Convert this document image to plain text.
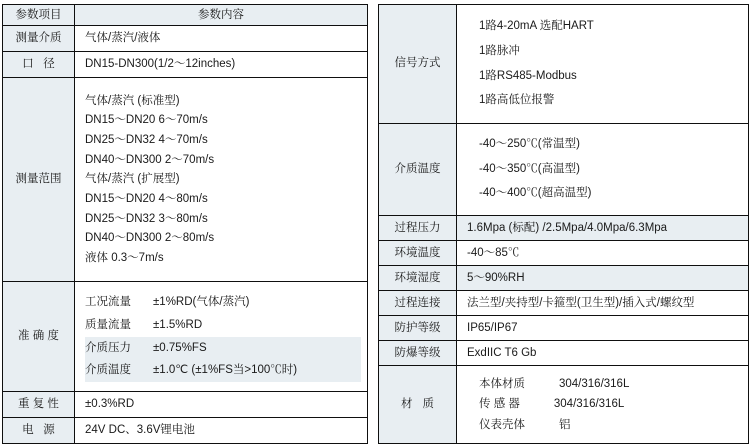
参数项目	参数内容
测量介质	气体/蒸汽/液体
口 径	DN15-DN300(1/2～12inches)
测量范围	
气体/蒸汽 (标准型)
DN15～DN20 6～70m/s
DN25～DN32 4～70m/s
DN40～DN300 2～70m/s
气体/蒸汽 (扩展型)
DN15～DN20 4～80m/s
DN25～DN32 3～80m/s
DN40～DN300 2～80m/s
液体 0.3～7m/s

准 确 度	工况流量 ±1%RD(气体/蒸汽)
质量流量 ±1.5%RD
介质压力 ±0.75%FS
介质温度 ±1.0℃ (±1%FS当>100℃时)

重 复 性	±0.3%RD
电 源	24V DC、3.6V锂电池
信号方式	1路4-20mA 选配HART
1路脉冲
1路RS485-Modbus
1路高低位报警

介质温度	-40～250℃(常温型)
-40～350℃(高温型)
-40～400℃(超高温型)

过程压力	1.6Mpa (标配) /2.5Mpa/4.0Mpa/6.3Mpa
环境温度	-40～85℃
环境湿度	5～90%RH
过程连接	法兰型/夹持型/卡箍型(卫生型)/插入式/螺纹型
防护等级	IP65/IP67
防爆等级	ExdIIC T6 Gb
材 质	本体材质 304/316/316L
传 感 器 304/316/316L
仪表壳体 铝
